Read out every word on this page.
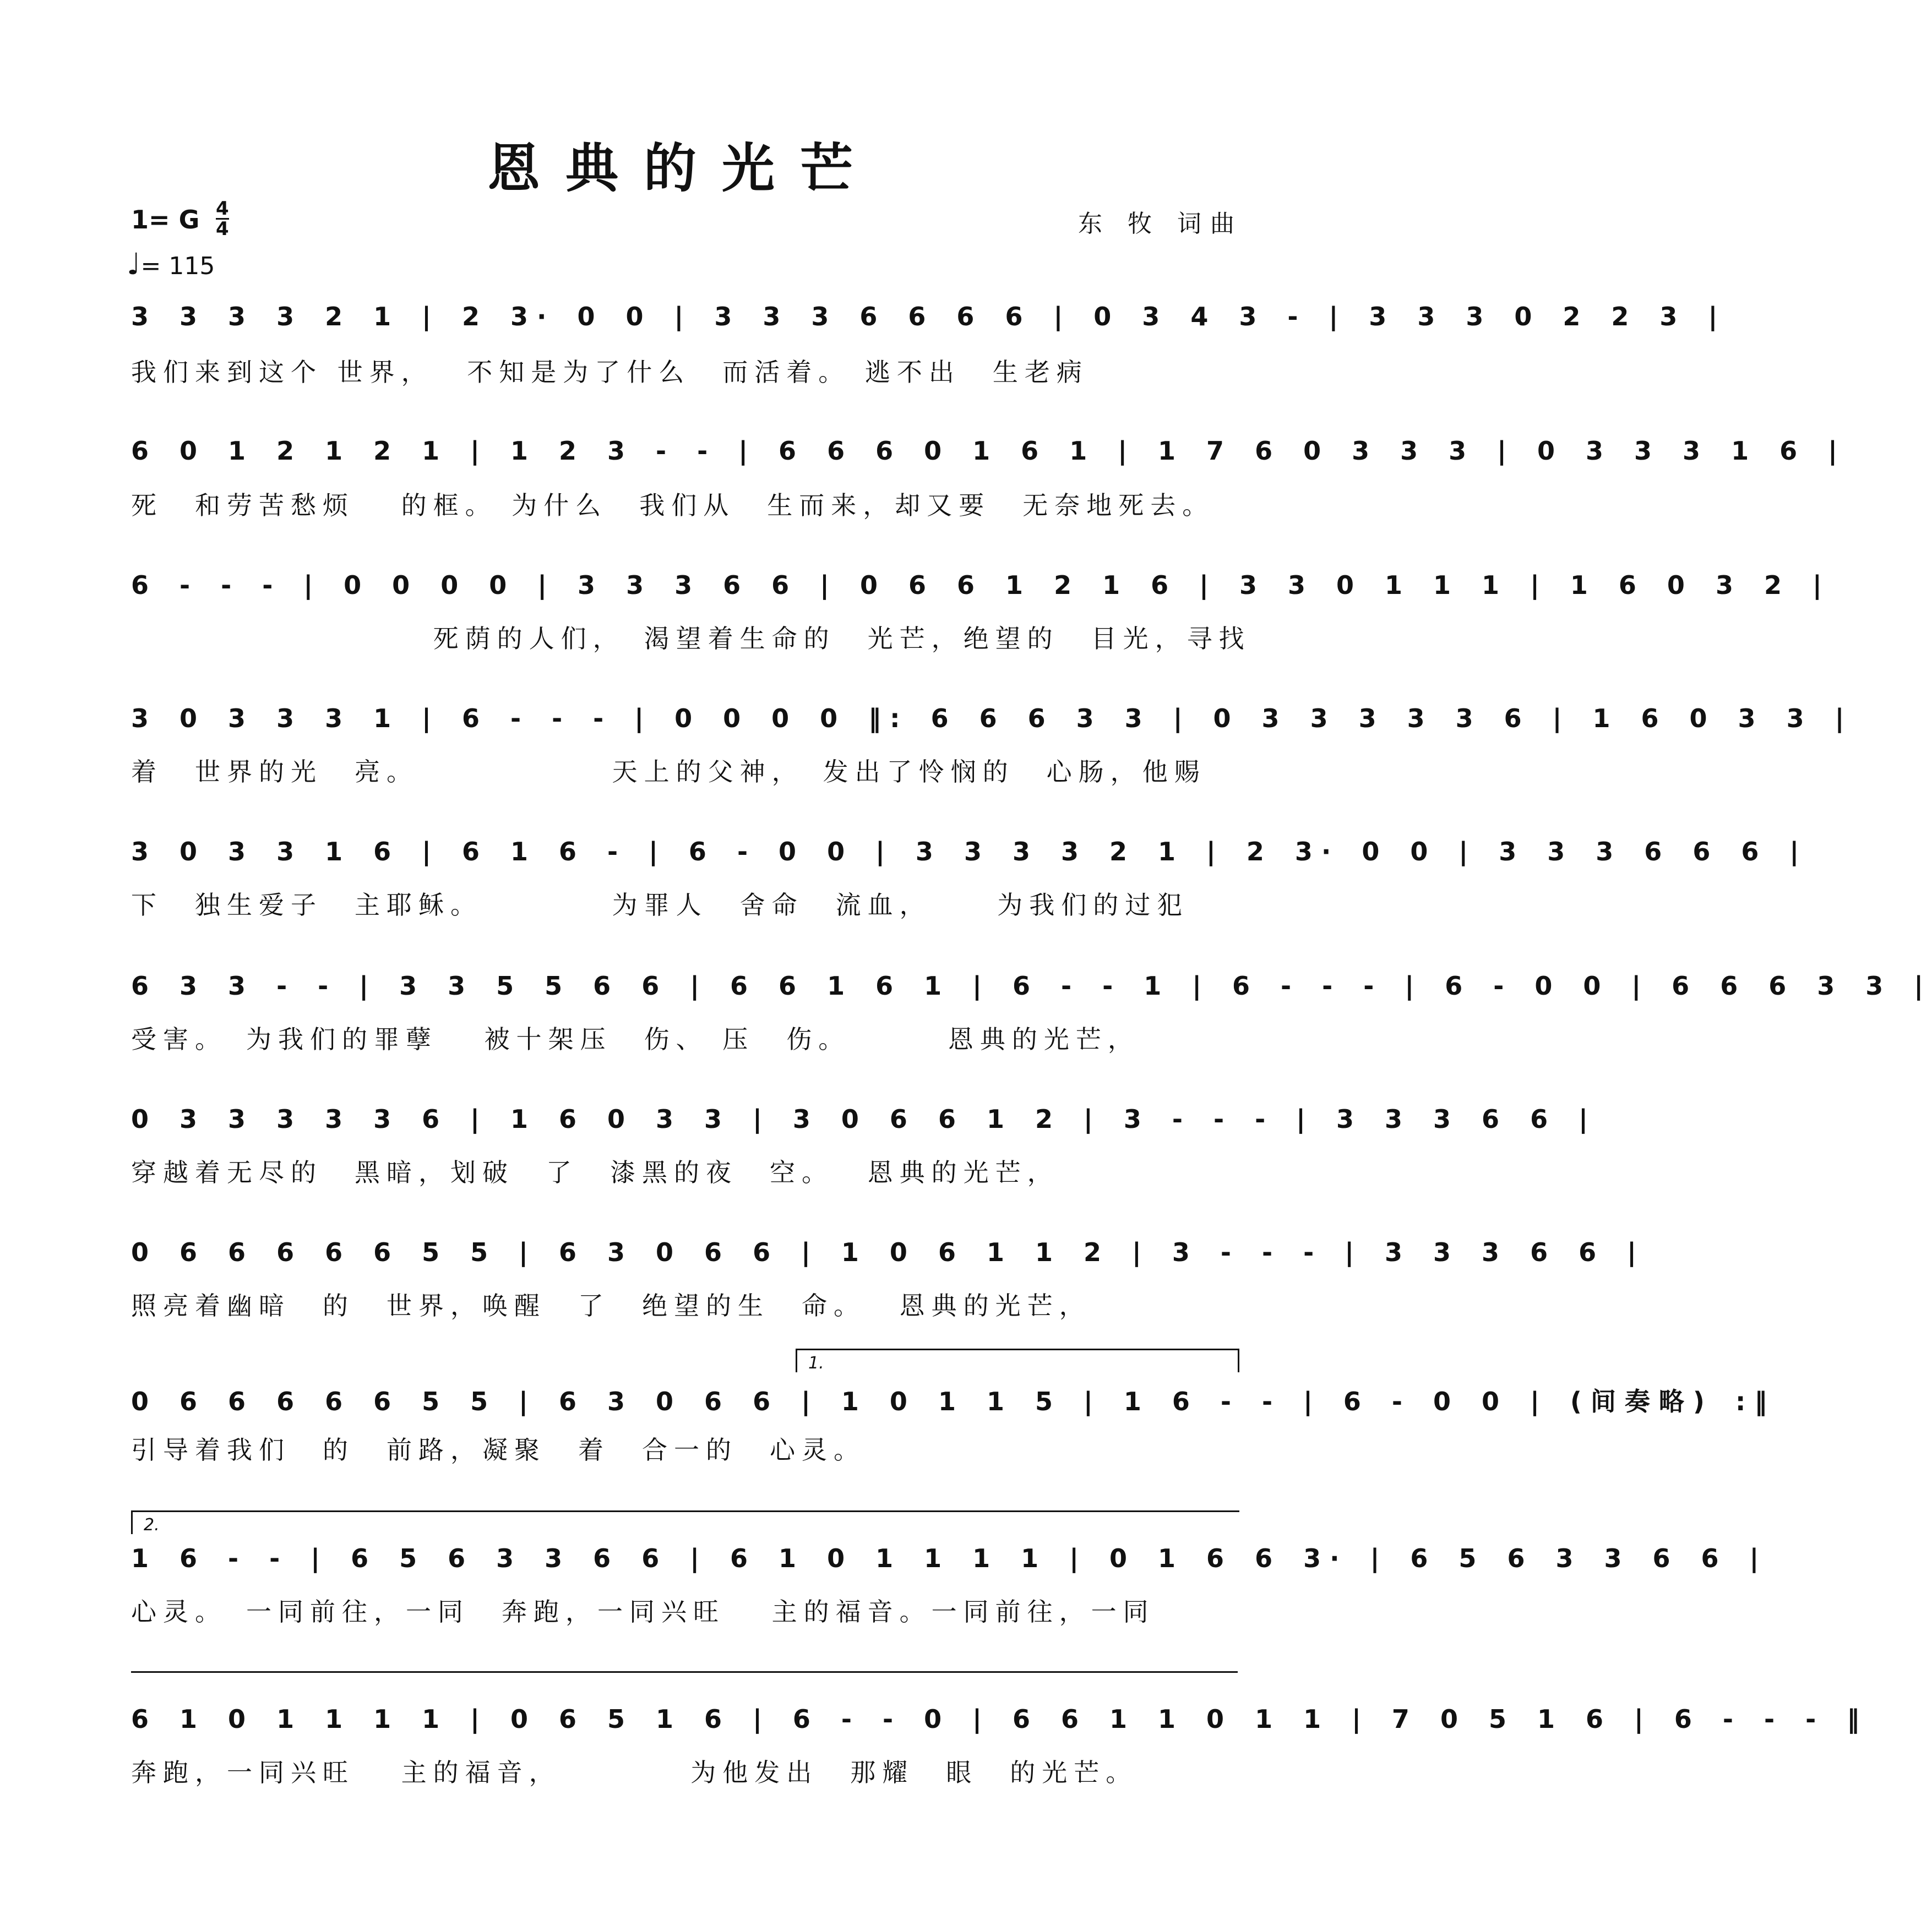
恩典的光芒
1= G 4
4
♩= 115
东 牧 词曲
3 3 3 3 2 1 | 2 3· 0 0 | 3 3 3 6 6 6 6 | 0 3 4 3 - | 3 3 3 0 2 2 3 |
我们来到这个 世界，　 不知是为了什么　而活着。 逃不出　生老病
6 0 1 2 1 2 1 | 1 2 3 - - | 6 6 6 0 1 6 1 | 1 7 6 0 3 3 3 | 0 3 3 3 1 6 |
死　和劳苦愁烦　 的框。 为什么　我们从　生而来，却又要　无奈地死去。
6 - - - | 0 0 0 0 | 3 3 3 6 6 | 0 6 6 1 2 1 6 | 3 3 0 1 1 1 | 1 6 0 3 2 |
　　　　　　　　　 死荫的人们，　渴望着生命的　光芒，绝望的　目光，寻找
3 0 3 3 3 1 | 6 - - - | 0 0 0 0 ‖: 6 6 6 3 3 | 0 3 3 3 3 3 6 | 1 6 0 3 3 |
着　世界的光　亮。　　　　　　 天上的父神，　发出了怜悯的　心肠，他赐
3 0 3 3 1 6 | 6 1 6 - | 6 - 0 0 | 3 3 3 3 2 1 | 2 3· 0 0 | 3 3 3 6 6 6 |
下　独生爱子　主耶稣。　　　　 为罪人　舍命　流血，　　 为我们的过犯
6 3 3 - - | 3 3 5 5 6 6 | 6 6 1 6 1 | 6 - - 1 | 6 - - - | 6 - 0 0 | 6 6 6 3 3 |
受害。　为我们的罪孽　 被十架压　伤、 压　伤。　　　 恩典的光芒，
0 3 3 3 3 3 6 | 1 6 0 3 3 | 3 0 6 6 1 2 | 3 - - - | 3 3 3 6 6 |
穿越着无尽的　黑暗，划破　了　漆黑的夜　空。　 恩典的光芒，
0 6 6 6 6 6 5 5 | 6 3 0 6 6 | 1 0 6 1 1 2 | 3 - - - | 3 3 3 6 6 |
照亮着幽暗　的　世界，唤醒　了　绝望的生　命。　 恩典的光芒，
1.
0 6 6 6 6 6 5 5 | 6 3 0 6 6 | 1 0 1 1 5 | 1 6 - - | 6 - 0 0 | (间奏略) :‖
引导着我们　的　前路，凝聚　着　合一的　心灵。
2.
1 6 - - | 6 5 6 3 3 6 6 | 6 1 0 1 1 1 1 | 0 1 6 6 3· | 6 5 6 3 3 6 6 |
心灵。　一同前往，一同　奔跑，一同兴旺　 主的福音。一同前往，一同
6 1 0 1 1 1 1 | 0 6 5 1 6 | 6 - - 0 | 6 6 1 1 0 1 1 | 7 0 5 1 6 | 6 - - - ‖
奔跑，一同兴旺　 主的福音，　　　　 为他发出　那耀　眼　的光芒。
